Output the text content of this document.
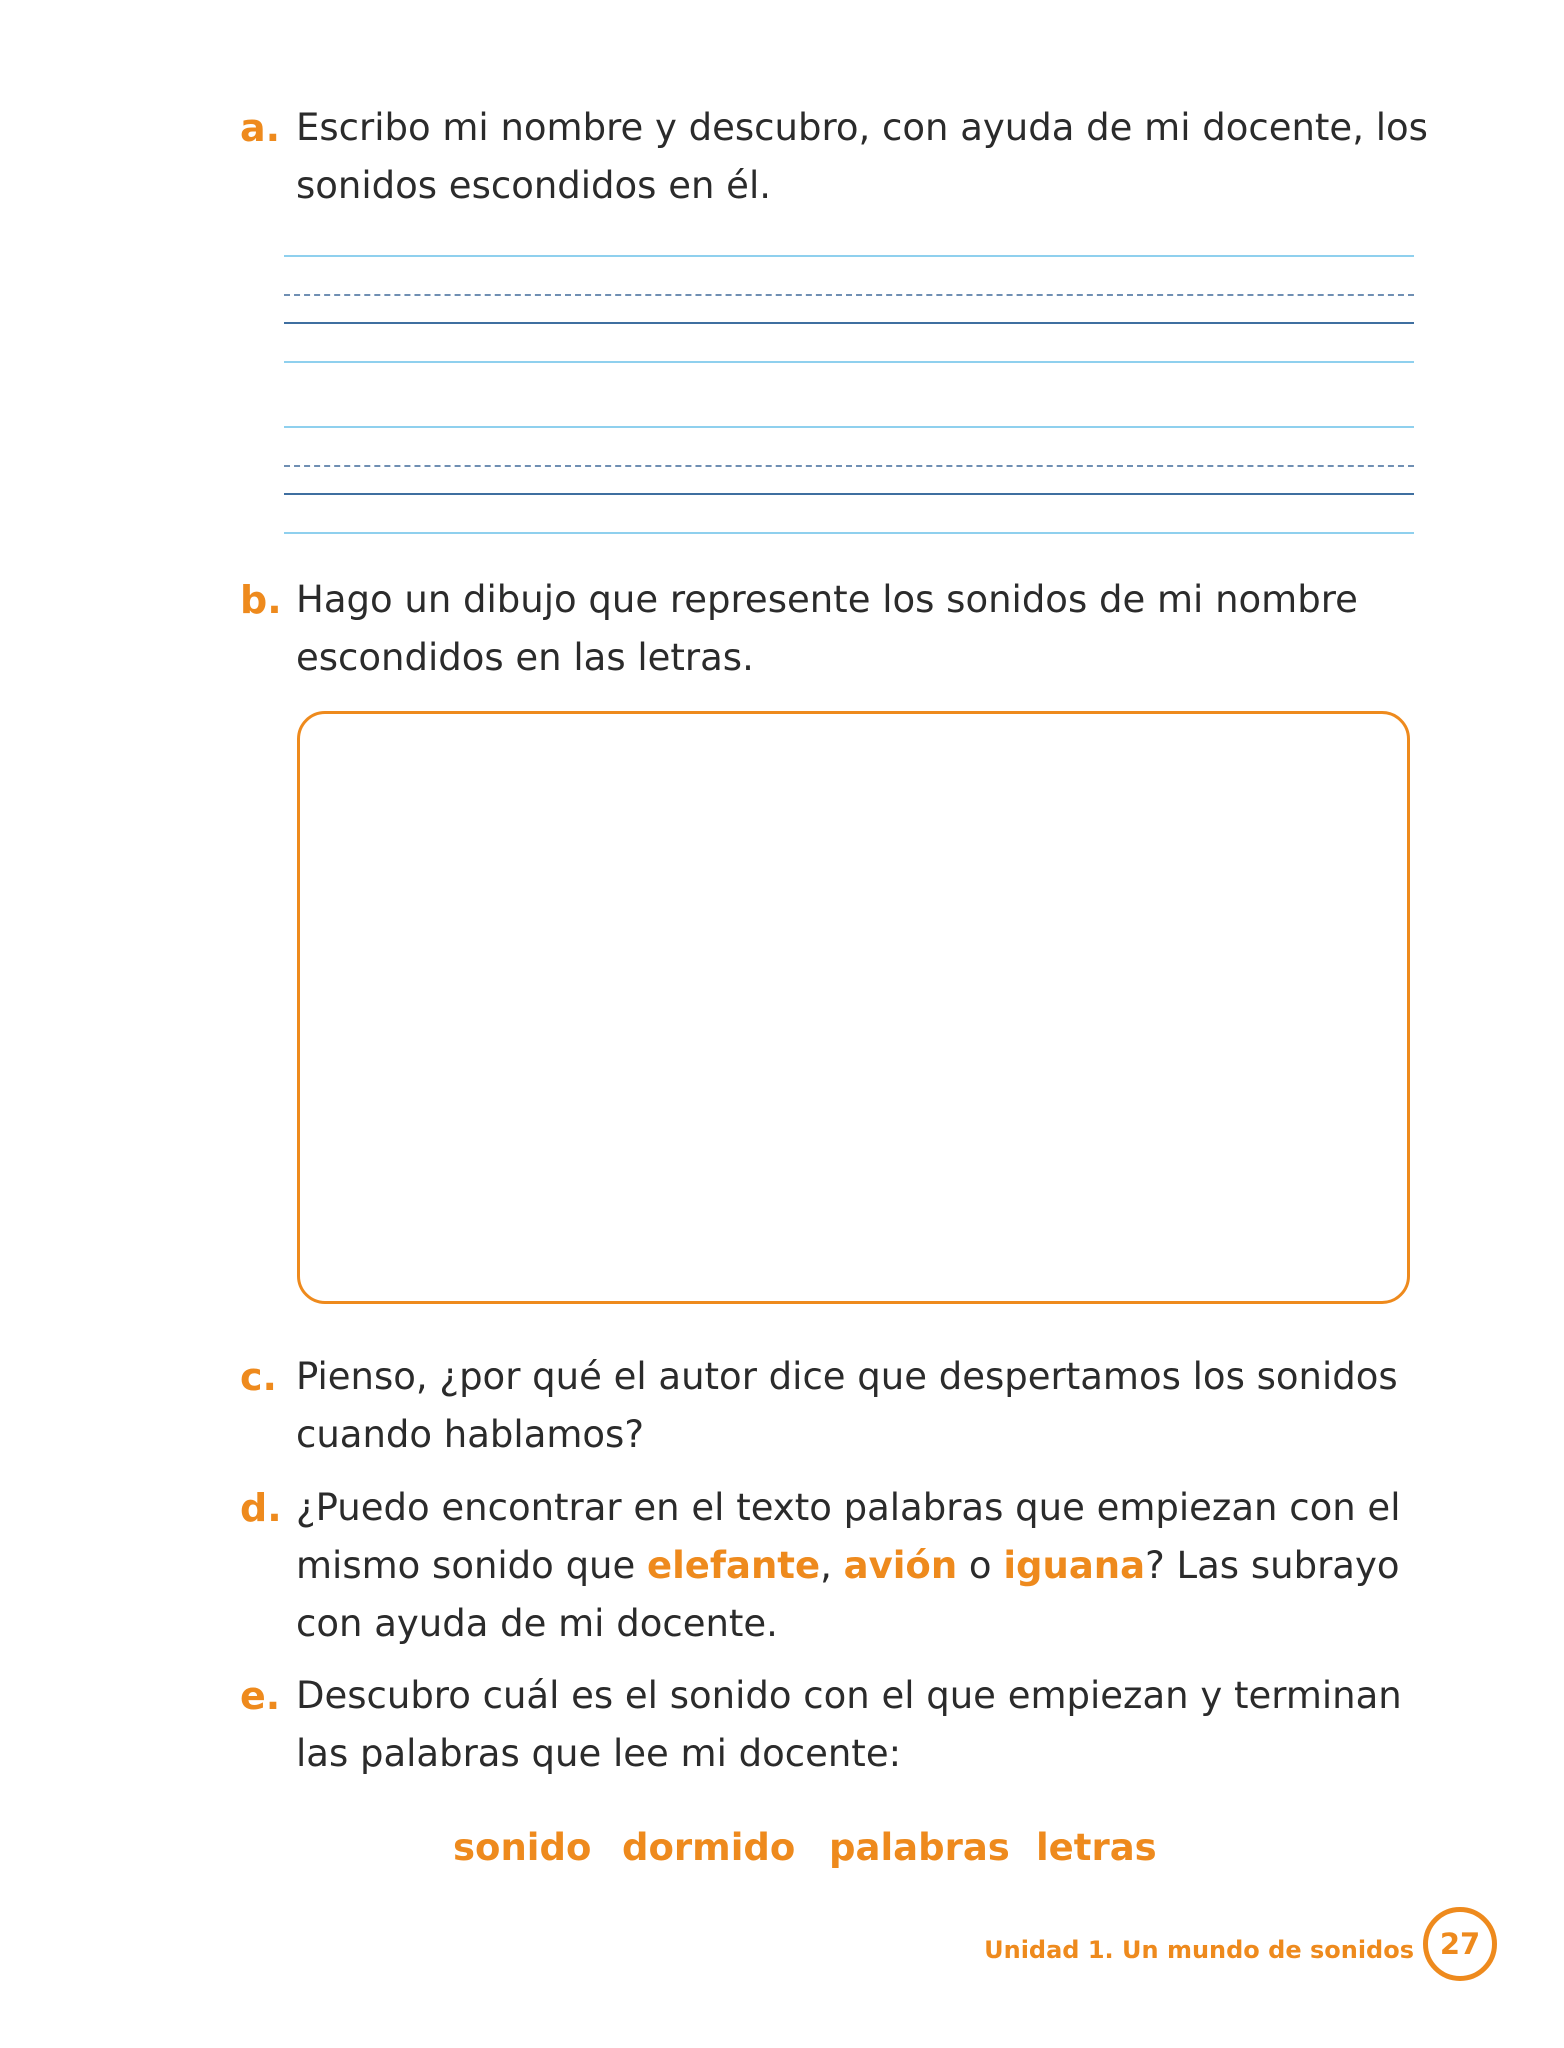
a. Escribo mi nombre y descubro, con ayuda de mi docente, los sonidos escondidos en él.

b. Hago un dibujo que represente los sonidos de mi nombre escondidos en las letras.

c. Pienso, ¿por qué el autor dice que despertamos los sonidos cuando hablamos?

d. ¿Puedo encontrar en el texto palabras que empiezan con el mismo sonido que elefante, avión o iguana? Las subrayo con ayuda de mi docente.

e. Descubro cuál es el sonido con el que empiezan y terminan las palabras que lee mi docente:

sonido dormido palabras letras
Unidad 1. Un mundo de sonidos 27
